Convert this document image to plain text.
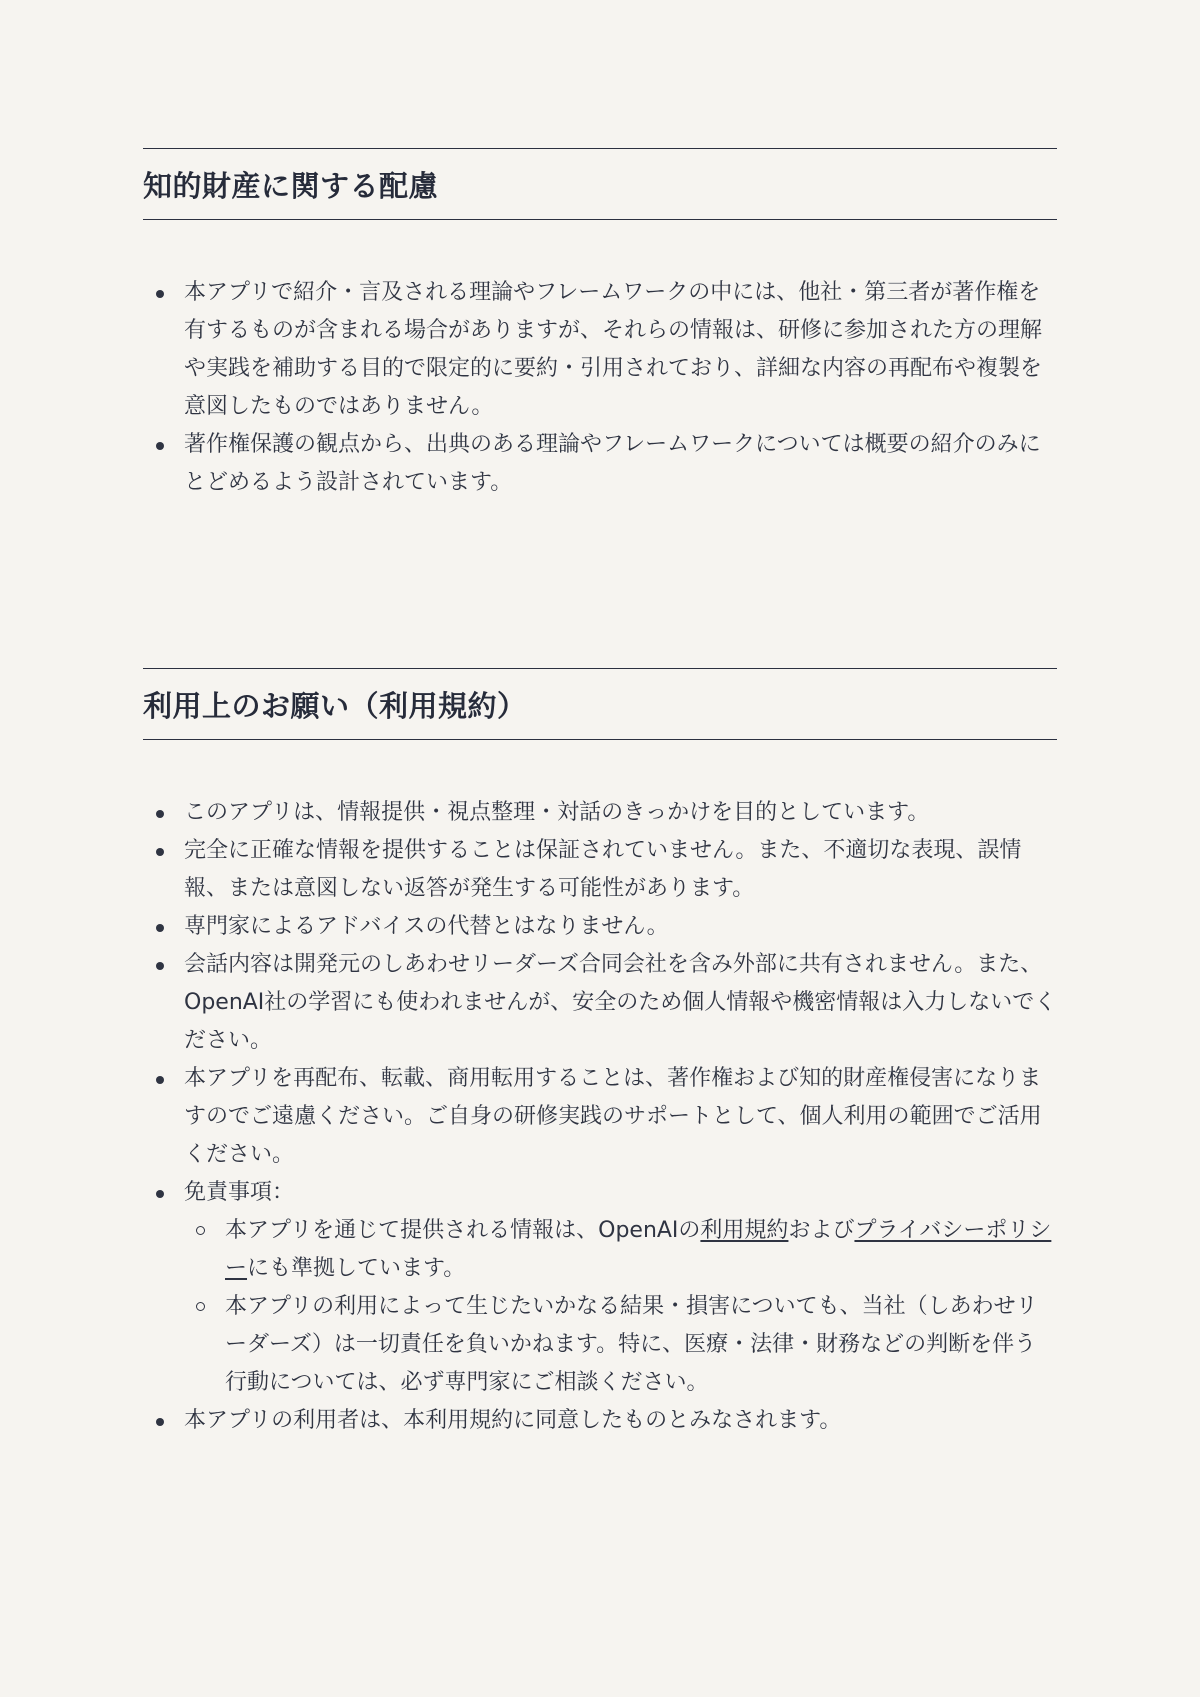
知的財産に関する配慮
本アプリで紹介・言及される理論やフレームワークの中には、他社・第三者が著作権を有するものが含まれる場合がありますが、それらの情報は、研修に参加された方の理解や実践を補助する目的で限定的に要約・引用されており、詳細な内容の再配布や複製を意図したものではありません。
著作権保護の観点から、出典のある理論やフレームワークについては概要の紹介のみにとどめるよう設計されています。
利用上のお願い（利用規約）
このアプリは、情報提供・視点整理・対話のきっかけを目的としています。
完全に正確な情報を提供することは保証されていません。また、不適切な表現、誤情報、または意図しない返答が発生する可能性があります。
専門家によるアドバイスの代替とはなりません。
会話内容は開発元のしあわせリーダーズ合同会社を含み外部に共有されません。また、OpenAI社の学習にも使われませんが、安全のため個人情報や機密情報は入力しないでください。
本アプリを再配布、転載、商用転用することは、著作権および知的財産権侵害になりますのでご遠慮ください。ご自身の研修実践のサポートとして、個人利用の範囲でご活用ください。
免責事項：
本アプリを通じて提供される情報は、OpenAIの利用規約およびプライバシーポリシーにも準拠しています。
本アプリの利用によって生じたいかなる結果・損害についても、当社（しあわせリーダーズ）は一切責任を負いかねます。特に、医療・法律・財務などの判断を伴う行動については、必ず専門家にご相談ください。
本アプリの利用者は、本利用規約に同意したものとみなされます。
